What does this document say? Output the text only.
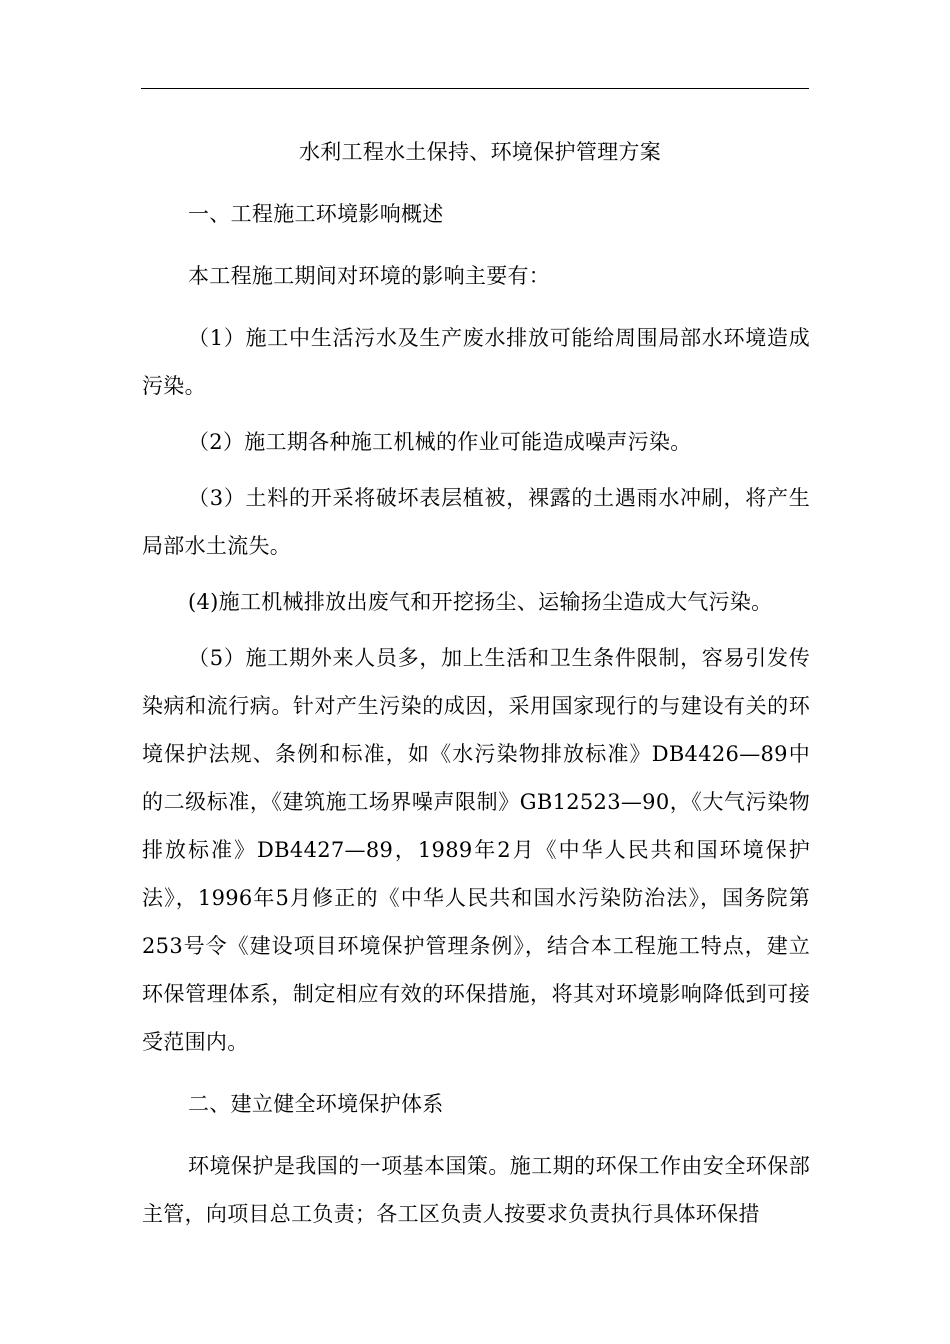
水利工程水土保持、环境保护管理方案
一、工程施工环境影响概述
本工程施工期间对环境的影响主要有：
（1）施工中生活污水及生产废水排放可能给周围局部水环境造成污染。
（2）施工期各种施工机械的作业可能造成噪声污染。
（3）土料的开采将破坏表层植被，裸露的土遇雨水冲刷，将产生局部水土流失。
(4)施工机械排放出废气和开挖扬尘、运输扬尘造成大气污染。
（5）施工期外来人员多，加上生活和卫生条件限制，容易引发传染病和流行病。针对产生污染的成因，采用国家现行的与建设有关的环境保护法规、条例和标准，如《水污染物排放标准》DB4426—89中的二级标准，《建筑施工场界噪声限制》GB12523—90，《大气污染物排放标准》DB4427—89，1989年2月《中华人民共和国环境保护法》，1996年5月修正的《中华人民共和国水污染防治法》，国务院第253号令《建设项目环境保护管理条例》，结合本工程施工特点，建立环保管理体系，制定相应有效的环保措施，将其对环境影响降低到可接受范围内。
二、建立健全环境保护体系
环境保护是我国的一项基本国策。施工期的环保工作由安全环保部主管，向项目总工负责；各工区负责人按要求负责执行具体环保措
